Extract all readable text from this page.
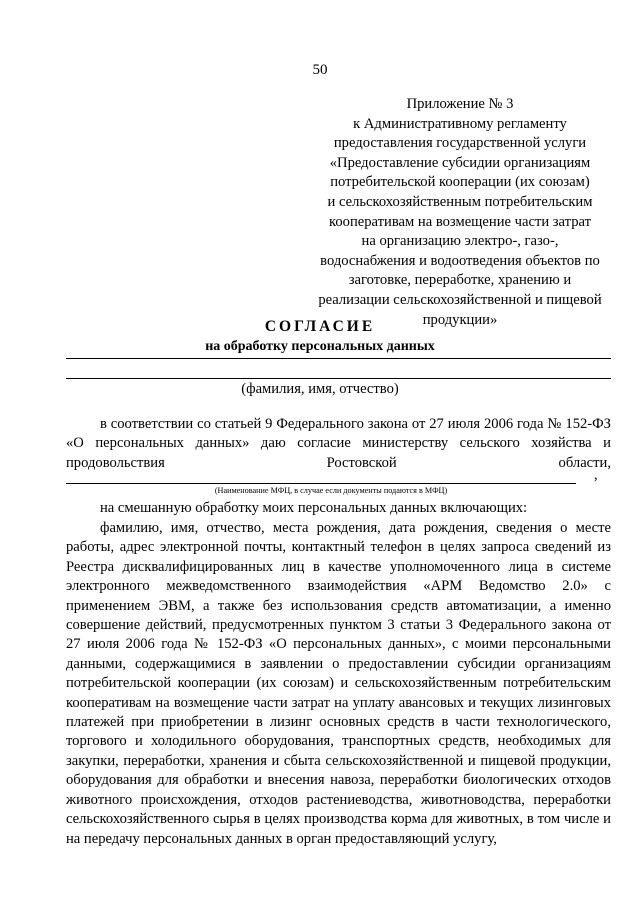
50
Приложение № 3
к Административному регламенту
предоставления государственной услуги
«Предоставление субсидии организациям
потребительской кооперации (их союзам)
и сельскохозяйственным потребительским
кооперативам на возмещение части затрат
на организацию электро-, газо-,
водоснабжения и водоотведения объектов по
заготовке, переработке, хранению и
реализации сельскохозяйственной и пищевой
продукции»
СОГЛАСИЕ
на обработку персональных данных
(фамилия, имя, отчество)
в соответствии со статьей 9 Федерального закона от 27 июля 2006 года № 152-ФЗ «О персональных данных» даю согласие министерству сельского хозяйства и продовольствия Ростовской области,
,
(Наименование МФЦ, в случае если документы подаются в МФЦ)
на смешанную обработку моих персональных данных включающих:
фамилию, имя, отчество, места рождения, дата рождения, сведения о месте работы, адрес электронной почты, контактный телефон в целях запроса сведений из Реестра дисквалифицированных лиц в качестве уполномоченного лица в системе электронного межведомственного взаимодействия «АРМ Ведомство 2.0» с применением ЭВМ, а также без использования средств автоматизации, а именно совершение действий, предусмотренных пунктом 3 статьи 3 Федерального закона от 27 июля 2006 года № 152-ФЗ «О персональных данных», с моими персональными данными, содержащимися в заявлении о предоставлении субсидии организациям потребительской кооперации (их союзам) и сельскохозяйственным потребительским кооперативам на возмещение части затрат на уплату авансовых и текущих лизинговых платежей при приобретении в лизинг основных средств в части технологического, торгового и холодильного оборудования, транспортных средств, необходимых для закупки, переработки, хранения и сбыта сельскохозяйственной и пищевой продукции, оборудования для обработки и внесения навоза, переработки биологических отходов животного происхождения, отходов растениеводства, животноводства, переработки сельскохозяйственного сырья в целях производства корма для животных, в том числе и на передачу персональных данных в орган предоставляющий услугу,
